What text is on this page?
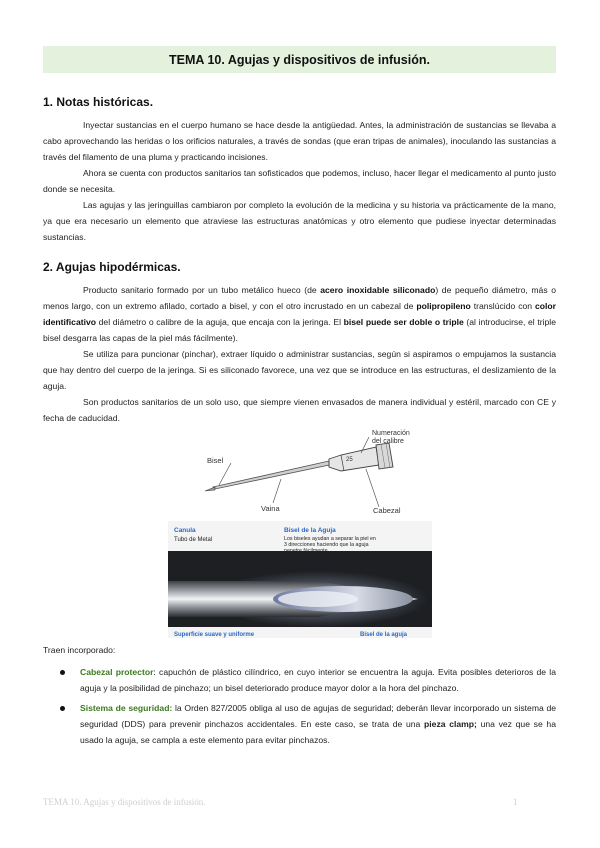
TEMA 10. Agujas y dispositivos de infusión.
1. Notas históricas.

Inyectar sustancias en el cuerpo humano se hace desde la antigüedad. Antes, la administración de sustancias se llevaba a cabo aprovechando las heridas o los orificios naturales, a través de sondas (que eran tripas de animales), inoculando las sustancias a través del filamento de una pluma y practicando incisiones.

Ahora se cuenta con productos sanitarios tan sofisticados que podemos, incluso, hacer llegar el medicamento al punto justo donde se necesita.

Las agujas y las jeringuillas cambiaron por completo la evolución de la medicina y su historia va prácticamente de la mano, ya que era necesario un elemento que atraviese las estructuras anatómicas y otro elemento que pudiese inyectar determinadas sustancias.

2. Agujas hipodérmicas.

Producto sanitario formado por un tubo metálico hueco (de acero inoxidable siliconado) de pequeño diámetro, más o menos largo, con un extremo afilado, cortado a bisel, y con el otro incrustado en un cabezal de polipropileno translúcido con color identificativo del diámetro o calibre de la aguja, que encaja con la jeringa. El bisel puede ser doble o triple (al introducirse, el triple bisel desgarra las capas de la piel más fácilmente).

Se utiliza para puncionar (pinchar), extraer líquido o administrar sustancias, según si aspiramos o empujamos la sustancia que hay dentro del cuerpo de la jeringa. Si es siliconado favorece, una vez que se introduce en las estructuras, el deslizamiento de la aguja.

Son productos sanitarios de un solo uso, que siempre vienen envasados de manera individual y estéril, marcado con CE y fecha de caducidad.

Bisel
Numeración
del calibre
25
Vaina	Cabezal
Canula
Tubo de Metal
Bisel de la Aguja
Los biseles ayudan a separar la piel en
3 direcciones haciendo que la aguja
penetre fácilmente
Superficie suave y uniforme	Bisel de la aguja

Traen incorporado:

Cabezal protector: capuchón de plástico cilíndrico, en cuyo interior se encuentra la aguja. Evita posibles deterioros de la aguja y la posibilidad de pinchazo; un bisel deteriorado produce mayor dolor a la hora del pinchazo.
Sistema de seguridad: la Orden 827/2005 obliga al uso de agujas de seguridad; deberán llevar incorporado un sistema de seguridad (DDS) para prevenir pinchazos accidentales. En este caso, se trata de una pieza clamp; una vez que se ha usado la aguja, se campla a este elemento para evitar pinchazos.
TEMA 10. Agujas y dispositivos de infusión.	1
